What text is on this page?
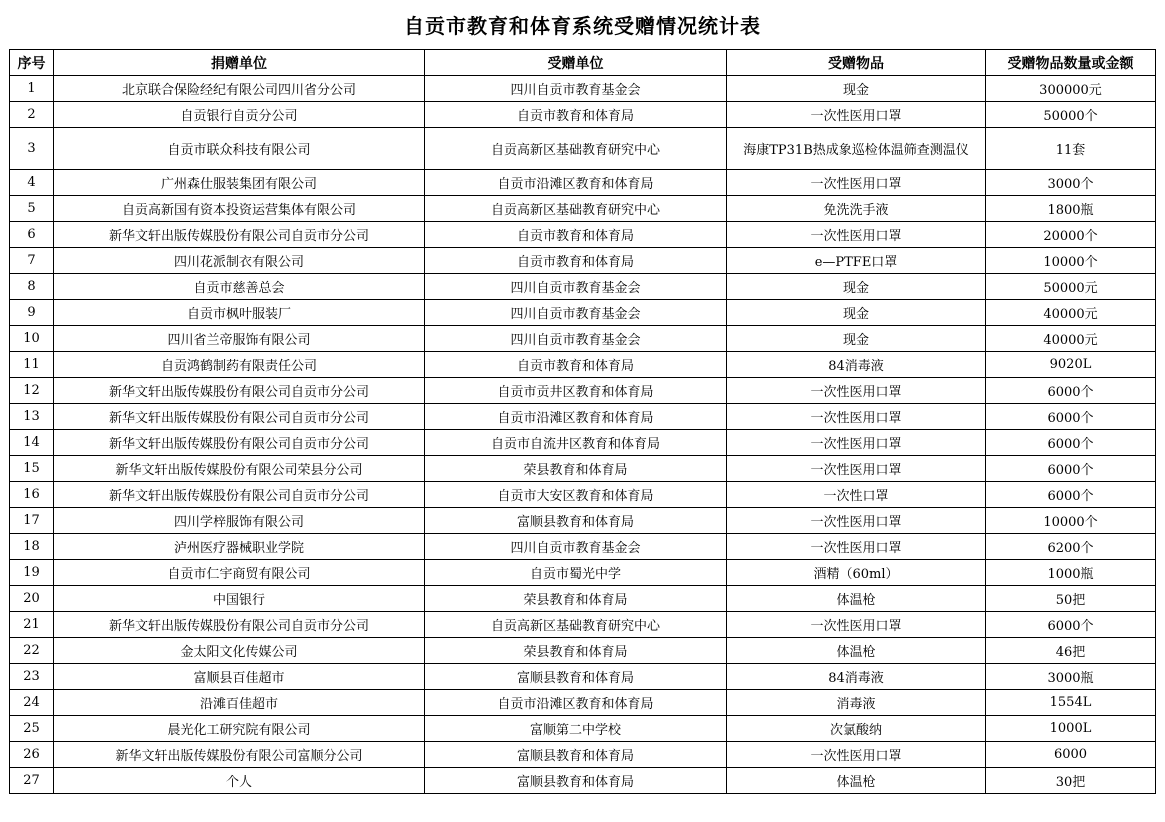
自贡市教育和体育系统受赠情况统计表
序号	捐赠单位	受赠单位	受赠物品	受赠物品数量或金额
1	北京联合保险经纪有限公司四川省分公司	四川自贡市教育基金会	现金	300000元
2	自贡银行自贡分公司	自贡市教育和体育局	一次性医用口罩	50000个
3	自贡市联众科技有限公司	自贡高新区基础教育研究中心	海康TP31B热成象巡检体温筛查测温仪	11套
4	广州森仕服装集团有限公司	自贡市沿滩区教育和体育局	一次性医用口罩	3000个
5	自贡高新国有资本投资运营集体有限公司	自贡高新区基础教育研究中心	免洗洗手液	1800瓶
6	新华文轩出版传媒股份有限公司自贡市分公司	自贡市教育和体育局	一次性医用口罩	20000个
7	四川花派制衣有限公司	自贡市教育和体育局	e—PTFE口罩	10000个
8	自贡市慈善总会	四川自贡市教育基金会	现金	50000元
9	自贡市枫叶服装厂	四川自贡市教育基金会	现金	40000元
10	四川省兰帝服饰有限公司	四川自贡市教育基金会	现金	40000元
11	自贡鸿鹤制药有限责任公司	自贡市教育和体育局	84消毒液	9020L
12	新华文轩出版传媒股份有限公司自贡市分公司	自贡市贡井区教育和体育局	一次性医用口罩	6000个
13	新华文轩出版传媒股份有限公司自贡市分公司	自贡市沿滩区教育和体育局	一次性医用口罩	6000个
14	新华文轩出版传媒股份有限公司自贡市分公司	自贡市自流井区教育和体育局	一次性医用口罩	6000个
15	新华文轩出版传媒股份有限公司荣县分公司	荣县教育和体育局	一次性医用口罩	6000个
16	新华文轩出版传媒股份有限公司自贡市分公司	自贡市大安区教育和体育局	一次性口罩	6000个
17	四川学梓服饰有限公司	富顺县教育和体育局	一次性医用口罩	10000个
18	泸州医疗器械职业学院	四川自贡市教育基金会	一次性医用口罩	6200个
19	自贡市仁宇商贸有限公司	自贡市蜀光中学	酒精（60ml）	1000瓶
20	中国银行	荣县教育和体育局	体温枪	50把
21	新华文轩出版传媒股份有限公司自贡市分公司	自贡高新区基础教育研究中心	一次性医用口罩	6000个
22	金太阳文化传媒公司	荣县教育和体育局	体温枪	46把
23	富顺县百佳超市	富顺县教育和体育局	84消毒液	3000瓶
24	沿滩百佳超市	自贡市沿滩区教育和体育局	消毒液	1554L
25	晨光化工研究院有限公司	富顺第二中学校	次氯酸纳	1000L
26	新华文轩出版传媒股份有限公司富顺分公司	富顺县教育和体育局	一次性医用口罩	6000
27	个人	富顺县教育和体育局	体温枪	30把
